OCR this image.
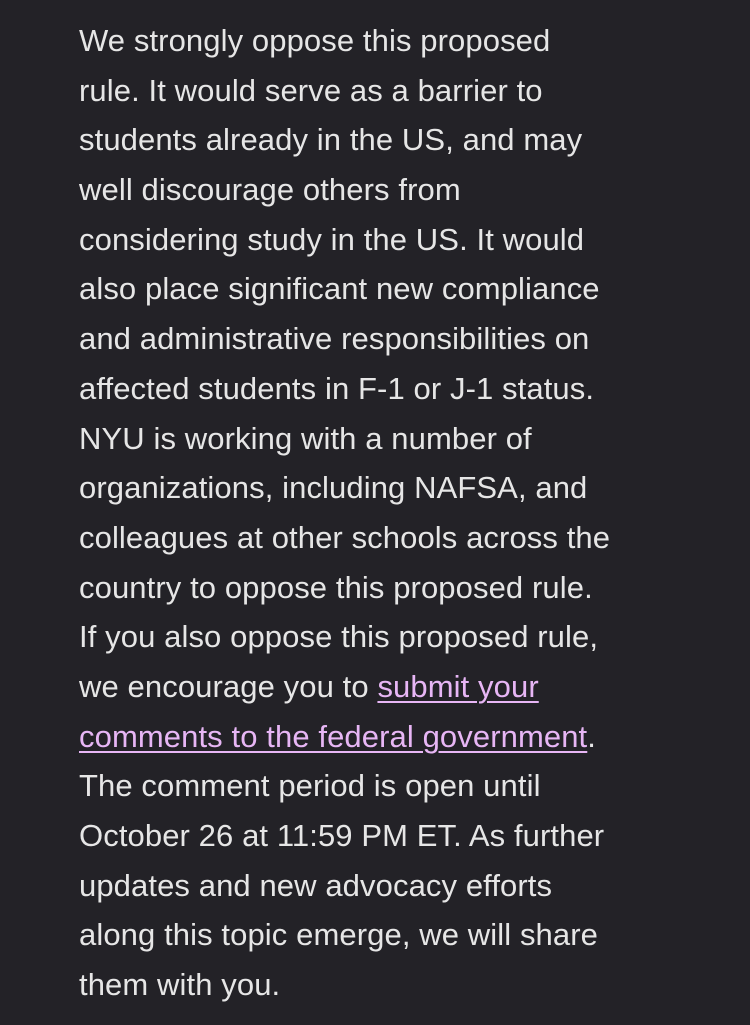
We strongly oppose this proposed
rule. It would serve as a barrier to
students already in the US, and may
well discourage others from
considering study in the US. It would
also place significant new compliance
and administrative responsibilities on
affected students in F-1 or J-1 status.
NYU is working with a number of
organizations, including NAFSA, and
colleagues at other schools across the
country to oppose this proposed rule.
If you also oppose this proposed rule,
we encourage you to submit your
comments to the federal government.
The comment period is open until
October 26 at 11:59 PM ET. As further
updates and new advocacy efforts
along this topic emerge, we will share
them with you.
